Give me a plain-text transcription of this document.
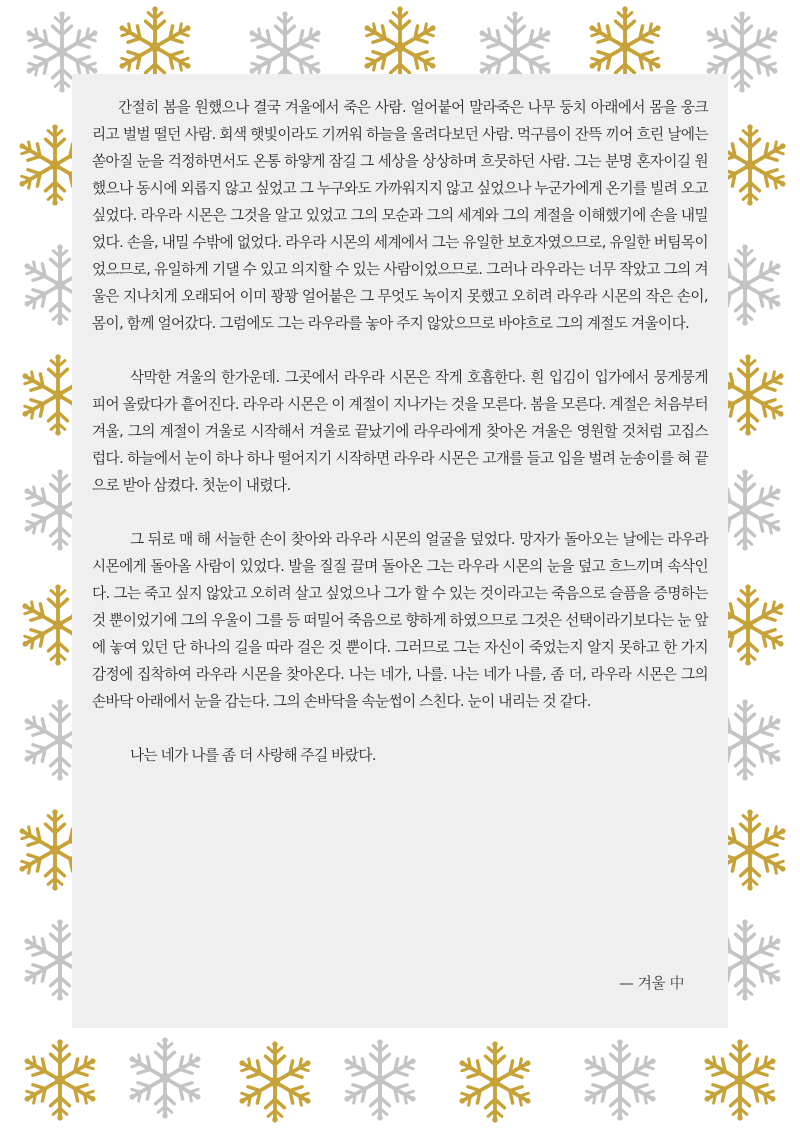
간절히 봄을 원했으나 결국 겨울에서 죽은 사람. 얼어붙어 말라죽은 나무 둥치 아래에서 몸을 웅크리고 벌벌 떨던 사람. 회색 햇빛이라도 기꺼워 하늘을 올려다보던 사람. 먹구름이 잔뜩 끼어 흐린 날에는 쏟아질 눈을 걱정하면서도 온통 하얗게 잠길 그 세상을 상상하며 흐뭇하던 사람. 그는 분명 혼자이길 원했으나 동시에 외롭지 않고 싶었고 그 누구와도 가까워지지 않고 싶었으나 누군가에게 온기를 빌려 오고 싶었다. 라우라 시몬은 그것을 알고 있었고 그의 모순과 그의 세계와 그의 계절을 이해했기에 손을 내밀었다. 손을, 내밀 수밖에 없었다. 라우라 시몬의 세계에서 그는 유일한 보호자였으므로, 유일한 버팀목이었으므로, 유일하게 기댈 수 있고 의지할 수 있는 사람이었으므로. 그러나 라우라는 너무 작았고 그의 겨울은 지나치게 오래되어 이미 꽝꽝 얼어붙은 그 무엇도 녹이지 못했고 오히려 라우라 시몬의 작은 손이, 몸이, 함께 얼어갔다. 그럼에도 그는 라우라를 놓아 주지 않았으므로 바야흐로 그의 계절도 겨울이다.

삭막한 겨울의 한가운데. 그곳에서 라우라 시몬은 작게 호흡한다. 흰 입김이 입가에서 뭉게뭉게 피어 올랐다가 흩어진다. 라우라 시몬은 이 계절이 지나가는 것을 모른다. 봄을 모른다. 계절은 처음부터 겨울, 그의 계절이 겨울로 시작해서 겨울로 끝났기에 라우라에게 찾아온 겨울은 영원할 것처럼 고집스럽다. 하늘에서 눈이 하나 하나 떨어지기 시작하면 라우라 시몬은 고개를 들고 입을 벌려 눈송이를 혀 끝으로 받아 삼켰다. 첫눈이 내렸다.

그 뒤로 매 해 서늘한 손이 찾아와 라우라 시몬의 얼굴을 덮었다. 망자가 돌아오는 날에는 라우라 시몬에게 돌아올 사람이 있었다. 발을 질질 끌며 돌아온 그는 라우라 시몬의 눈을 덮고 흐느끼며 속삭인다. 그는 죽고 싶지 않았고 오히려 살고 싶었으나 그가 할 수 있는 것이라고는 죽음으로 슬픔을 증명하는 것 뿐이었기에 그의 우울이 그를 등 떠밀어 죽음으로 향하게 하였으므로 그것은 선택이라기보다는 눈 앞에 놓여 있던 단 하나의 길을 따라 걸은 것 뿐이다. 그러므로 그는 자신이 죽었는지 알지 못하고 한 가지 감정에 집착하여 라우라 시몬을 찾아온다. 나는 네가, 나를. 나는 네가 나를, 좀 더, 라우라 시몬은 그의 손바닥 아래에서 눈을 감는다. 그의 손바닥을 속눈썹이 스친다. 눈이 내리는 것 같다.

나는 네가 나를 좀 더 사랑해 주길 바랐다.

— 겨울 中
